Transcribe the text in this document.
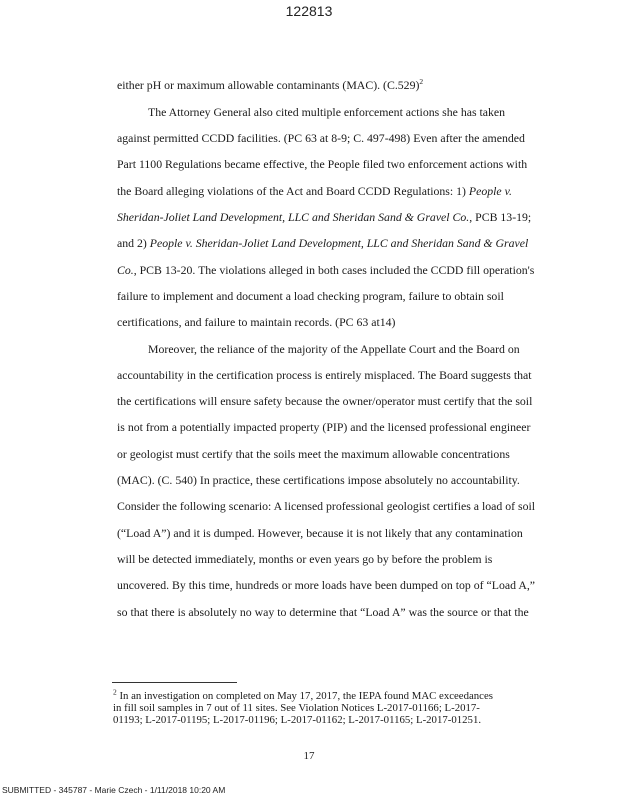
122813
either pH or maximum allowable contaminants (MAC). $(C.529)^2$
The Attorney General also cited multiple enforcement actions she has taken
against permitted CCDD facilities. (PC 63 at 8-9; C. 497-498) Even after the amended
Part 1100 Regulations became effective, the People filed two enforcement actions with
the Board alleging violations of the Act and Board CCDD Regulations: 1) People v.
Sheridan-Joliet Land Development, LLC and Sheridan Sand & Gravel Co., PCB 13-19;
and 2) People v. Sheridan-Joliet Land Development, LLC and Sheridan Sand & Gravel
Co., PCB 13-20. The violations alleged in both cases included the CCDD fill operation's
failure to implement and document a load checking program, failure to obtain soil
certifications, and failure to maintain records. (PC 63 at14)
Moreover, the reliance of the majority of the Appellate Court and the Board on
accountability in the certification process is entirely misplaced. The Board suggests that
the certifications will ensure safety because the owner/operator must certify that the soil
is not from a potentially impacted property (PIP) and the licensed professional engineer
or geologist must certify that the soils meet the maximum allowable concentrations
(MAC). (C. 540) In practice, these certifications impose absolutely no accountability.
Consider the following scenario: A licensed professional geologist certifies a load of soil
(“Load A”) and it is dumped. However, because it is not likely that any contamination
will be detected immediately, months or even years go by before the problem is
uncovered. By this time, hundreds or more loads have been dumped on top of “Load A,”
so that there is absolutely no way to determine that “Load A” was the source or that the
$^2$ In an investigation on completed on May 17, 2017, the IEPA found MAC exceedances
in fill soil samples in 7 out of 11 sites. See Violation Notices L-2017-01166; L-2017-
01193; L-2017-01195; L-2017-01196; L-2017-01162; L-2017-01165; L-2017-01251.
17
SUBMITTED - 345787 - Marie Czech - 1/11/2018 10:20 AM
